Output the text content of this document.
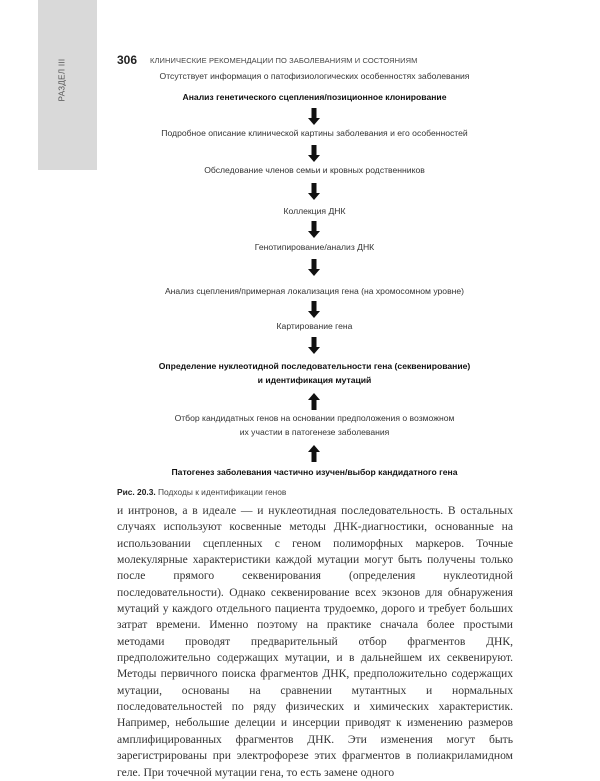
РАЗДЕЛ III	306 КЛИНИЧЕСКИЕ РЕКОМЕНДАЦИИ ПО ЗАБОЛЕВАНИЯМ И СОСТОЯНИЯМ
Отсутствует информация о патофизиологических особенностях заболевания
Анализ генетического сцепления/позиционное клонирование
Подробное описание клинической картины заболевания и его особенностей
Обследование членов семьи и кровных родственников
Коллекция ДНК
Генотипирование/анализ ДНК
Анализ сцепления/примерная локализация гена (на хромосомном уровне)
Картирование гена
Определение нуклеотидной последовательности гена (секвенирование)
и идентификация мутаций
Отбор кандидатных генов на основании предположения о возможном
их участии в патогенезе заболевания
Патогенез заболевания частично изучен/выбор кандидатного гена
Рис. 20.3. Подходы к идентификации генов
и интронов, а в идеале — и нуклеотидная последовательность. В остальных случаях используют косвенные методы ДНК-диагностики, основанные на использовании сцепленных с геном полиморфных маркеров. Точные молекулярные характеристики каждой мутации могут быть получены только после прямого секвенирования (определения нуклеотидной последовательности). Однако секвенирование всех экзонов для обнаружения мутаций у каждого отдельного пациента трудоемко, дорого и требует больших затрат времени. Именно поэтому на практике сначала более простыми методами проводят предварительный отбор фрагментов ДНК, предположительно содержащих мутации, и в дальнейшем их секвенируют. Методы первичного поиска фрагментов ДНК, предположительно содержащих мутации, основаны на сравнении мутантных и нормальных последовательностей по ряду физических и химических характеристик. Например, небольшие делеции и инсерции приводят к изменению размеров амплифицированных фрагментов ДНК. Эти изменения могут быть зарегистрированы при электрофорезе этих фрагментов в полиакриламидном геле. При точечной мутации гена, то есть замене одного
